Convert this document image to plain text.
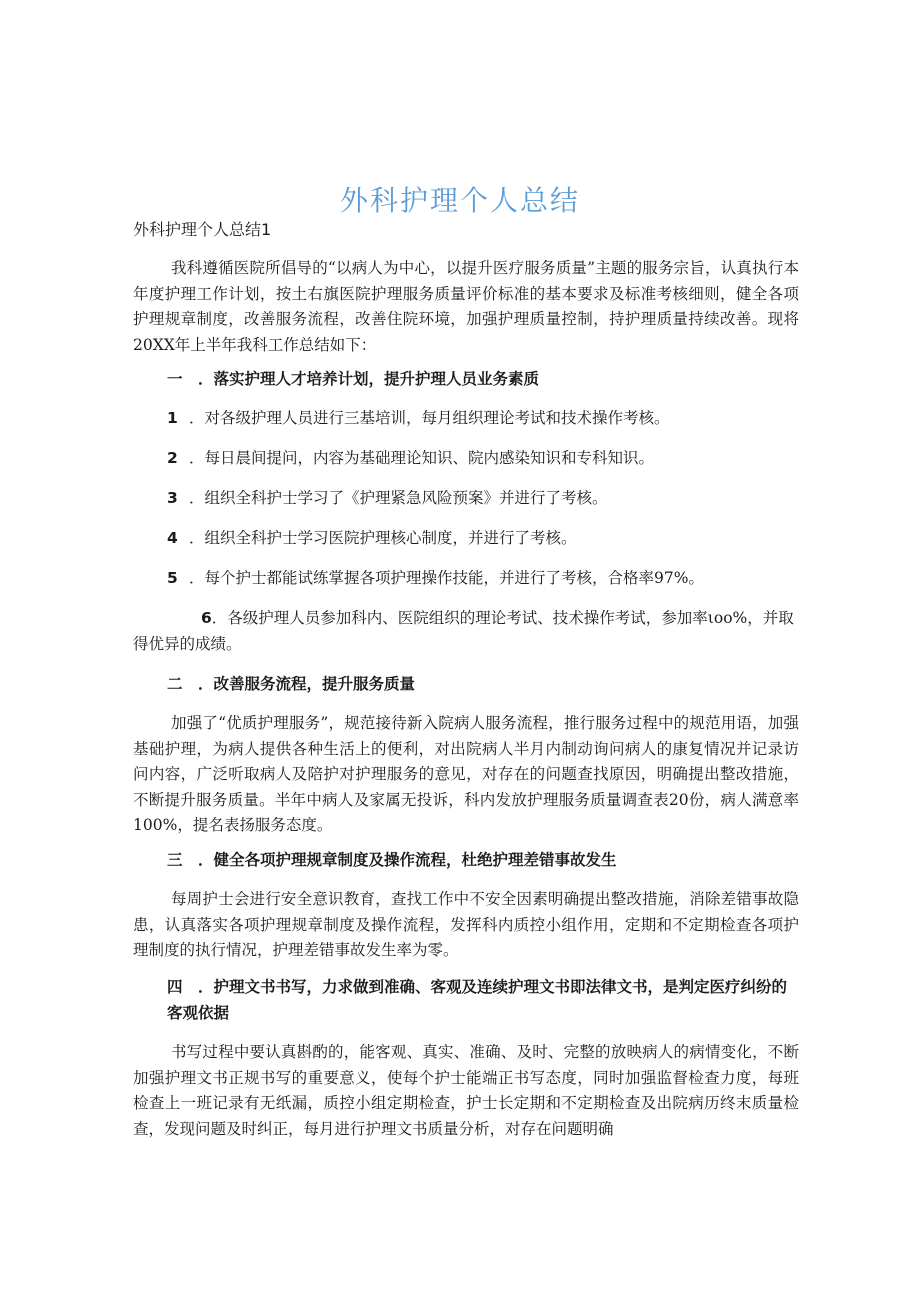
外科护理个人总结
外科护理个人总结1

我科遵循医院所倡导的“以病人为中心，以提升医疗服务质量”主题的服务宗旨，认真执行本年度护理工作计划，按土右旗医院护理服务质量评价标准的基本要求及标准考核细则，健全各项护理规章制度，改善服务流程，改善住院环境，加强护理质量控制，持护理质量持续改善。现将20XX年上半年我科工作总结如下：

一　．落实护理人才培养计划，提升护理人员业务素质

1 ．对各级护理人员进行三基培训，每月组织理论考试和技术操作考核。

2 ．每日晨间提问，内容为基础理论知识、院内感染知识和专科知识。

3 ．组织全科护士学习了《护理紧急风险预案》并进行了考核。

4 ．组织全科护士学习医院护理核心制度，并进行了考核。

5 ．每个护士都能试练掌握各项护理操作技能，并进行了考核，合格率97%。

6．各级护理人员参加科内、医院组织的理论考试、技术操作考试，参加率ιoo%，并取得优异的成绩。

二　．改善服务流程，提升服务质量

加强了“优质护理服务”，规范接待新入院病人服务流程，推行服务过程中的规范用语，加强基础护理，为病人提供各种生活上的便利，对出院病人半月内制动询问病人的康复情况并记录访问内容，广泛听取病人及陪护对护理服务的意见，对存在的问题查找原因，明确提出整改措施，不断提升服务质量。半年中病人及家属无投诉，科内发放护理服务质量调查表20份，病人满意率100%，提名表扬服务态度。

三　．健全各项护理规章制度及操作流程，杜绝护理差错事故发生

每周护士会进行安全意识教育，查找工作中不安全因素明确提出整改措施，消除差错事故隐患，认真落实各项护理规章制度及操作流程，发挥科内质控小组作用，定期和不定期检查各项护理制度的执行情况，护理差错事故发生率为零。

四　．护理文书书写，力求做到准确、客观及连续护理文书即法律文书，是判定医疗纠纷的客观依据

书写过程中要认真斟酌的，能客观、真实、准确、及时、完整的放映病人的病情变化，不断加强护理文书正规书写的重要意义，使每个护士能端正书写态度，同时加强监督检查力度，每班检查上一班记录有无纸漏，质控小组定期检查，护士长定期和不定期检查及出院病历终末质量检查，发现问题及时纠正，每月进行护理文书质量分析，对存在问题明确
